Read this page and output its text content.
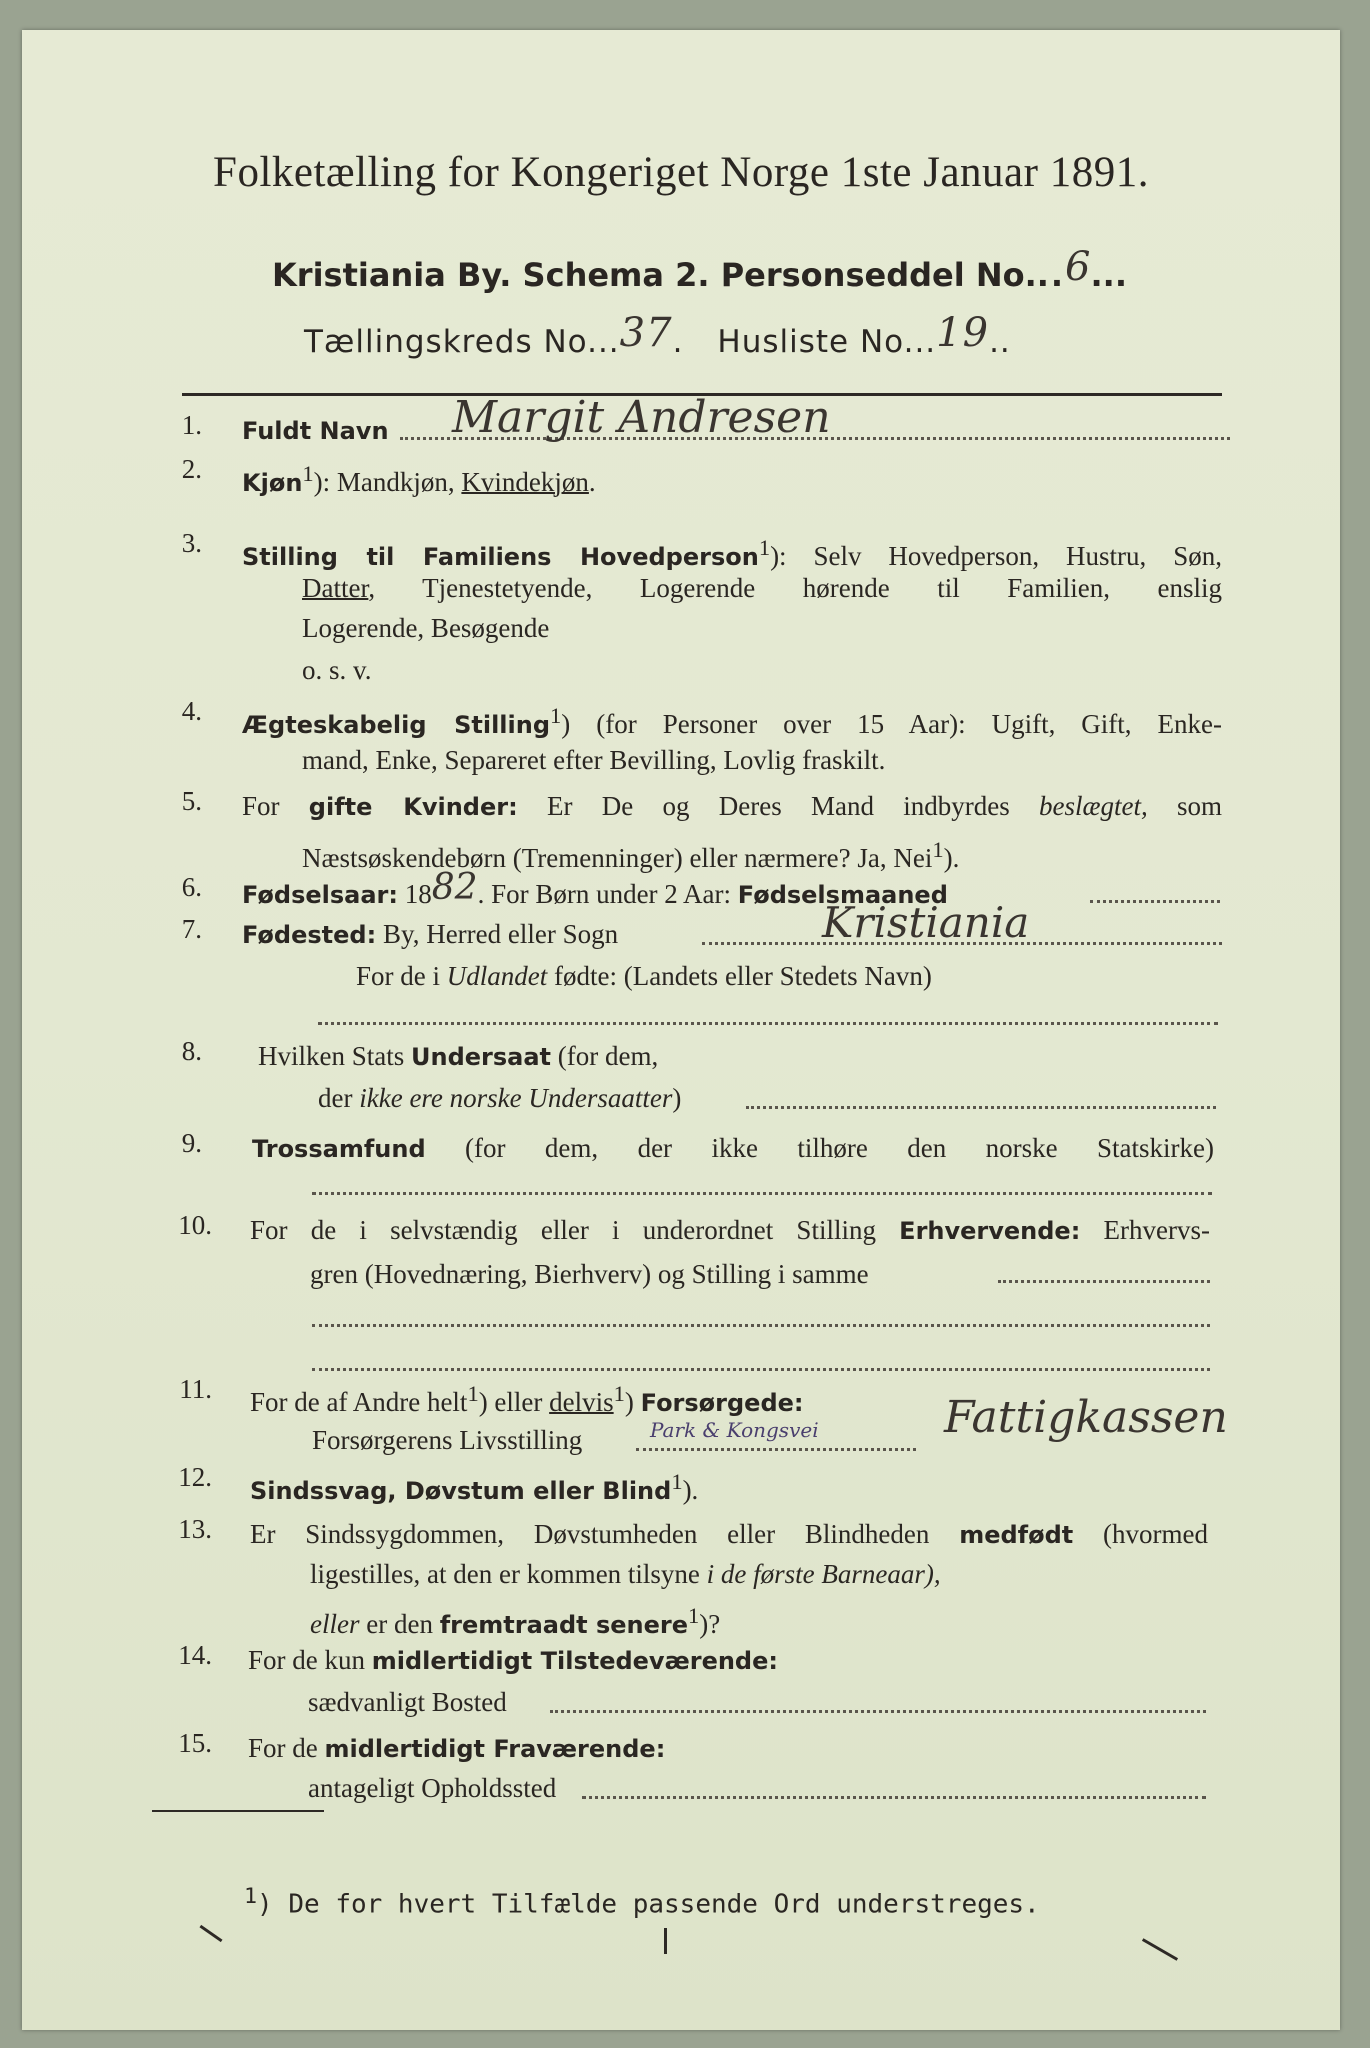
Folketælling for Kongeriget Norge 1ste Januar 1891.
Kristiania By. Schema 2. Personseddel No...6...
Tællingskreds No...37. Husliste No...19..
1. Fuldt Navn Margit Andresen
2. Kjøn$^1$): Mandkjøn, Kvindekjøn.
3. Stilling til Familiens Hovedperson$^1$): Selv Hovedperson, Hustru, Søn,
Datter, Tjenestetyende, Logerende hørende til Familien, enslig
Logerende, Besøgende
o. s. v.
4. Ægteskabelig Stilling$^1$) (for Personer over 15 Aar): Ugift, Gift, Enke-
mand, Enke, Separeret efter Bevilling, Lovlig fraskilt.
5. For gifte Kvinder: Er De og Deres Mand indbyrdes beslægtet, som
Næstsøskendebørn (Tremenninger) eller nærmere? Ja, Nei$^1$).
6. Fødselsaar: 1882. For Børn under 2 Aar: Fødselsmaaned
7. Fødested: By, Herred eller Sogn	Kristiania
For de i Udlandet fødte: (Landets eller Stedets Navn)
8. Hvilken Stats Undersaat (for dem,
der ikke ere norske Undersaatter)
9. Trossamfund (for dem, der ikke tilhøre den norske Statskirke)
10. For de i selvstændig eller i underordnet Stilling Erhvervende: Erhvervs-
gren (Hovednæring, Bierhverv) og Stilling i samme
11. For de af Andre helt$^1$) eller delvis$^1$) Forsørgede:
Forsørgerens Livsstilling	Park & Kongsvei	Fattigkassen
12. Sindssvag, Døvstum eller Blind$^1$).
13. Er Sindssygdommen, Døvstumheden eller Blindheden medfødt (hvormed
ligestilles, at den er kommen tilsyne i de første Barneaar),
eller er den fremtraadt senere$^1$)?
14. For de kun midlertidigt Tilstedeværende:
sædvanligt Bosted
15. For de midlertidigt Fraværende:
antageligt Opholdssted
$^1$) De for hvert Tilfælde passende Ord understreges.
